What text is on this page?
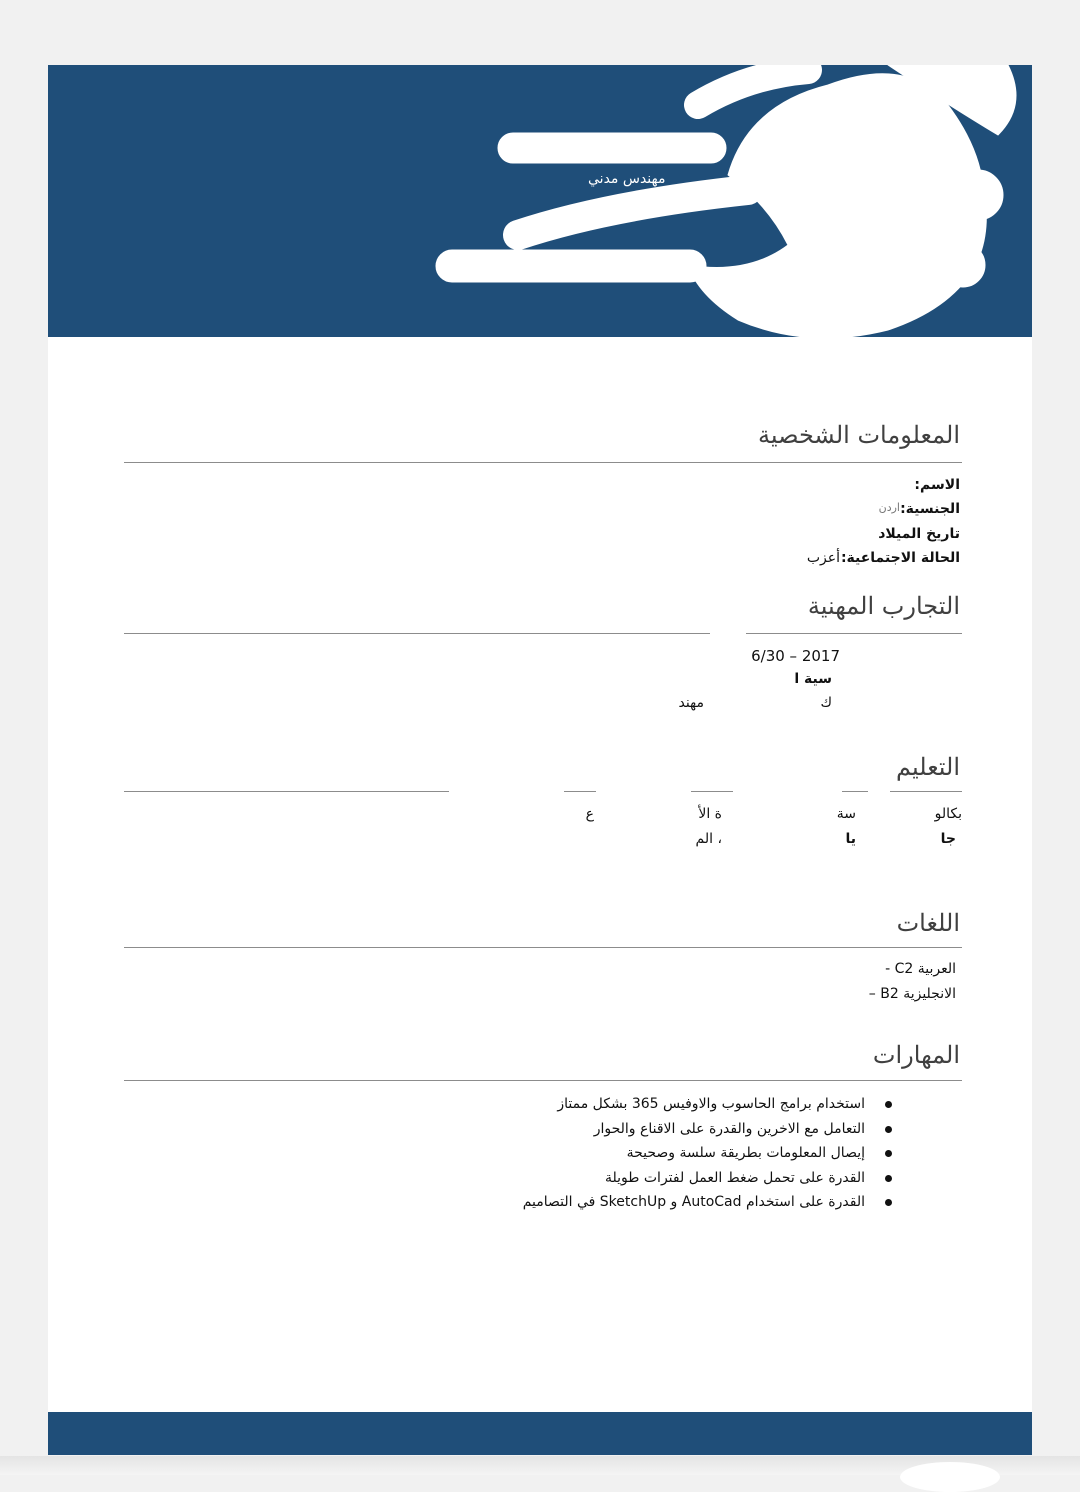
مهندس مدني
المعلومات الشخصية
الاسم:
الجنسية:
اردن
تاريخ الميلاد
الحالة الاجتماعية:
أعزب
التجارب المهنية
6/30 – 2017
سية ا
ك
مهند
التعليم
بكالو
جا
سة
يا
ة الأ
، الم
ع
اللغات
العربية C2 -
الانجليزية B2 –
المهارات
استخدام برامج الحاسوب والاوفيس 365 بشكل ممتاز
التعامل مع الاخرين والقدرة على الاقناع والحوار
إيصال المعلومات بطريقة سلسة وصحيحة
القدرة على تحمل ضغط العمل لفترات طويلة
القدرة على استخدام AutoCad و SketchUp في التصاميم
